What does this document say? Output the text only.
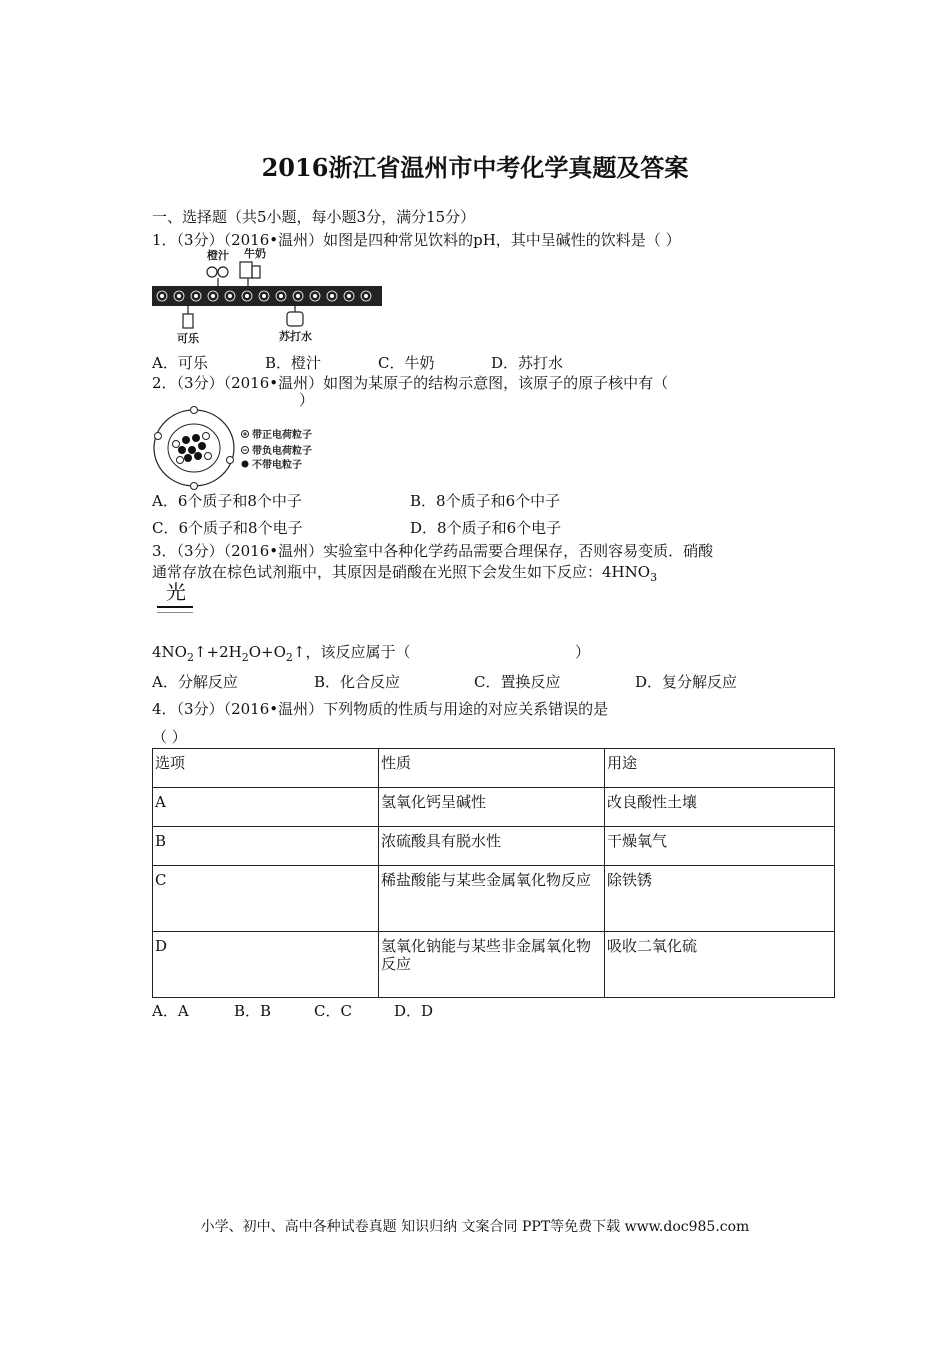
2016浙江省温州市中考化学真题及答案
一、选择题（共5小题，每小题3分，满分15分）
1．（3分）（2016•温州）如图是四种常见饮料的pH，其中呈碱性的饮料是（ ）
橙汁 牛奶
可乐	苏打水
A．可乐	B．橙汁	C．牛奶	D．苏打水
2．（3分）（2016•温州）如图为某原子的结构示意图，该原子的原子核中有（
）
带正电荷粒子
带负电荷粒子
不带电粒子
A．6个质子和8个中子	B．8个质子和6个中子
C．6个质子和8个电子	D．8个质子和6个电子
3．（3分）（2016•温州）实验室中各种化学药品需要合理保存，否则容易变质．硝酸
通常存放在棕色试剂瓶中，其原因是硝酸在光照下会发生如下反应：$4HNO_3$
光
$4NO_2↑+2H_2O+O_2↑$，该反应属于（	）
A．分解反应	B．化合反应	C．置换反应	D．复分解反应
4．（3分）（2016•温州）下列物质的性质与用途的对应关系错误的是
（ ）
选项	性质	用途
A	氢氧化钙呈碱性	改良酸性土壤
B	浓硫酸具有脱水性	干燥氧气
C	稀盐酸能与某些金属氧化物反应	除铁锈
D	氢氧化钠能与某些非金属氧化物反应	吸收二氧化硫
A．A	B．B	C．C	D．D
小学、初中、高中各种试卷真题 知识归纳 文案合同 PPT等免费下载 www.doc985.com
